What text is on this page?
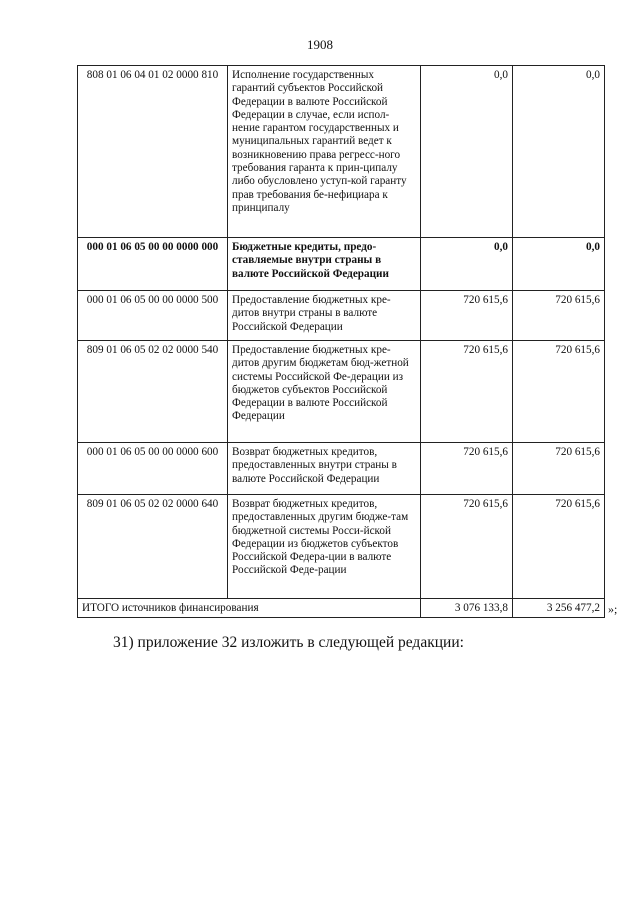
1908
808 01 06 04 01 02 0000 810	Исполнение государственных гарантий субъектов Российской Федерации в валюте Российской Федерации в случае, если испол-нение гарантом государственных и муниципальных гарантий ведет к возникновению права регресс-ного требования гаранта к прин-ципалу либо обусловлено уступ-кой гаранту прав требования бе-нефициара к принципалу	0,0	0,0
000 01 06 05 00 00 0000 000	Бюджетные кредиты, предо-ставляемые внутри страны в валюте Российской Федерации	0,0	0,0
000 01 06 05 00 00 0000 500	Предоставление бюджетных кре-дитов внутри страны в валюте Российской Федерации	720 615,6	720 615,6
809 01 06 05 02 02 0000 540	Предоставление бюджетных кре-дитов другим бюджетам бюд-жетной системы Российской Фе-дерации из бюджетов субъектов Российской Федерации в валюте Российской Федерации	720 615,6	720 615,6
000 01 06 05 00 00 0000 600	Возврат бюджетных кредитов, предоставленных внутри страны в валюте Российской Федерации	720 615,6	720 615,6
809 01 06 05 02 02 0000 640	Возврат бюджетных кредитов, предоставленных другим бюдже-там бюджетной системы Росси-йской Федерации из бюджетов субъектов Российской Федера-ции в валюте Российской Феде-рации	720 615,6	720 615,6
ИТОГО источников финансирования		3 076 133,8	3 256 477,2 »;
31) приложение 32 изложить в следующей редакции:
